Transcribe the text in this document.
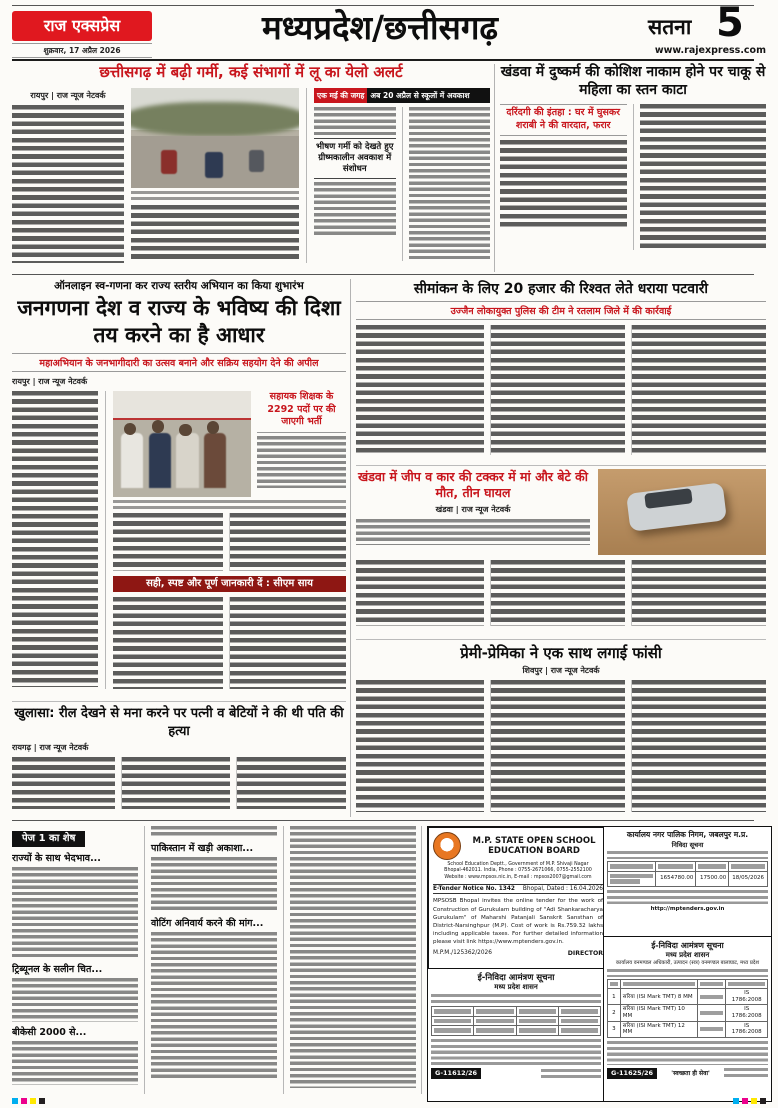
राज एक्सप्रेस
शुक्रवार, 17 अप्रैल 2026
मध्यप्रदेश/छत्तीसगढ़	सतना 5
www.rajexpress.com
छत्तीसगढ़ में बढ़ी गर्मी, कई संभागों में लू का येलो अलर्ट
रायपुर | राज न्यूज नेटवर्क	एक मई की जगह अब 20 अप्रैल से स्कूलों में अवकाश
भीषण गर्मी को देखते हुए ग्रीष्मकालीन अवकाश में संशोधन
खंडवा में दुष्कर्म की कोशिश नाकाम होने पर चाकू से महिला का स्तन काटा
दरिंदगी की इंतहा : घर में घुसकर शराबी ने की वारदात, फरार
ऑनलाइन स्व-गणना कर राज्य स्तरीय अभियान का किया शुभारंभ
जनगणना देश व राज्य के भविष्य की दिशा तय करने का है आधार
महाअभियान के जनभागीदारी का उत्सव बनाने और सक्रिय सहयोग देने की अपील
रायपुर | राज न्यूज नेटवर्क
सहायक शिक्षक के 2292 पदों पर की जाएगी भर्ती
सही, स्पष्ट और पूर्ण जानकारी दें : सीएम साय
सीमांकन के लिए 20 हजार की रिश्वत लेते धराया पटवारी
उज्जैन लोकायुक्त पुलिस की टीम ने रतलाम जिले में की कार्रवाई
खंडवा में जीप व कार की टक्कर में मां और बेटे की मौत, तीन घायल
खंडवा | राज न्यूज नेटवर्क
प्रेमी-प्रेमिका ने एक साथ लगाई फांसी
शिवपुर | राज न्यूज नेटवर्क
खुलासा: रील देखने से मना करने पर पत्नी व बेटियों ने की थी पति की हत्या
रायगढ़ | राज न्यूज नेटवर्क
पेज 1 का शेष
राज्यों के साथ भेदभाव...
ट्रिब्यूनल के सलीन चित...
बीकेसी 2000 से...
पाकिस्तान में खड़ी अकाशा...
वोटिंग अनिवार्य करने की मांग...
M.P. STATE OPEN SCHOOL
EDUCATION BOARD
School Education Deptt., Government of M.P. Shivaji Nagar
Bhopal-462011. India, Phone : 0755-2671066, 0755-2552100
Website : www.mpsos.nic.in, E-mail : mpsos2007@gmail.com
E-Tender Notice No. 1342 Bhopal, Dated : 16.04.2026
MPSOSB Bhopal invites the online tender for the work of Construction of Gurukulam building of "Adi Shankaracharya Gurukulam" of Maharshi Patanjali Sanskrit Sansthan of District-Narsinghpur (M.P). Cost of work is Rs.759.32 lakhs including applicable taxes. For further detailed information please visit link https://www.mptenders.gov.in.
M.P.M./125362/2026	DIRECTOR
कार्यालय नगर पालिक निगम, जबलपुर म.प्र.
निविदा सूचना

	1654780.00	17500.00	18/05/2026
http://mptenders.gov.in
ई-निविदा आमंत्रण सूचना
मध्य प्रदेश शासन

G-11612/26
ई-निविदा आमंत्रण सूचना
मध्य प्रदेश शासन
कार्यालय वनमण्डल अधिकारी, उत्पादन (सत्र) वनमण्डल बालाघाट, मध्य प्रदेश

1	सरिया (ISI Mark TMT) 8 MM		IS 1786:2008
2	सरिया (ISI Mark TMT) 10 MM		IS 1786:2008
3	सरिया (ISI Mark TMT) 12 MM		IS 1786:2008
G-11625/26	'स्वच्छता ही सेवा'
